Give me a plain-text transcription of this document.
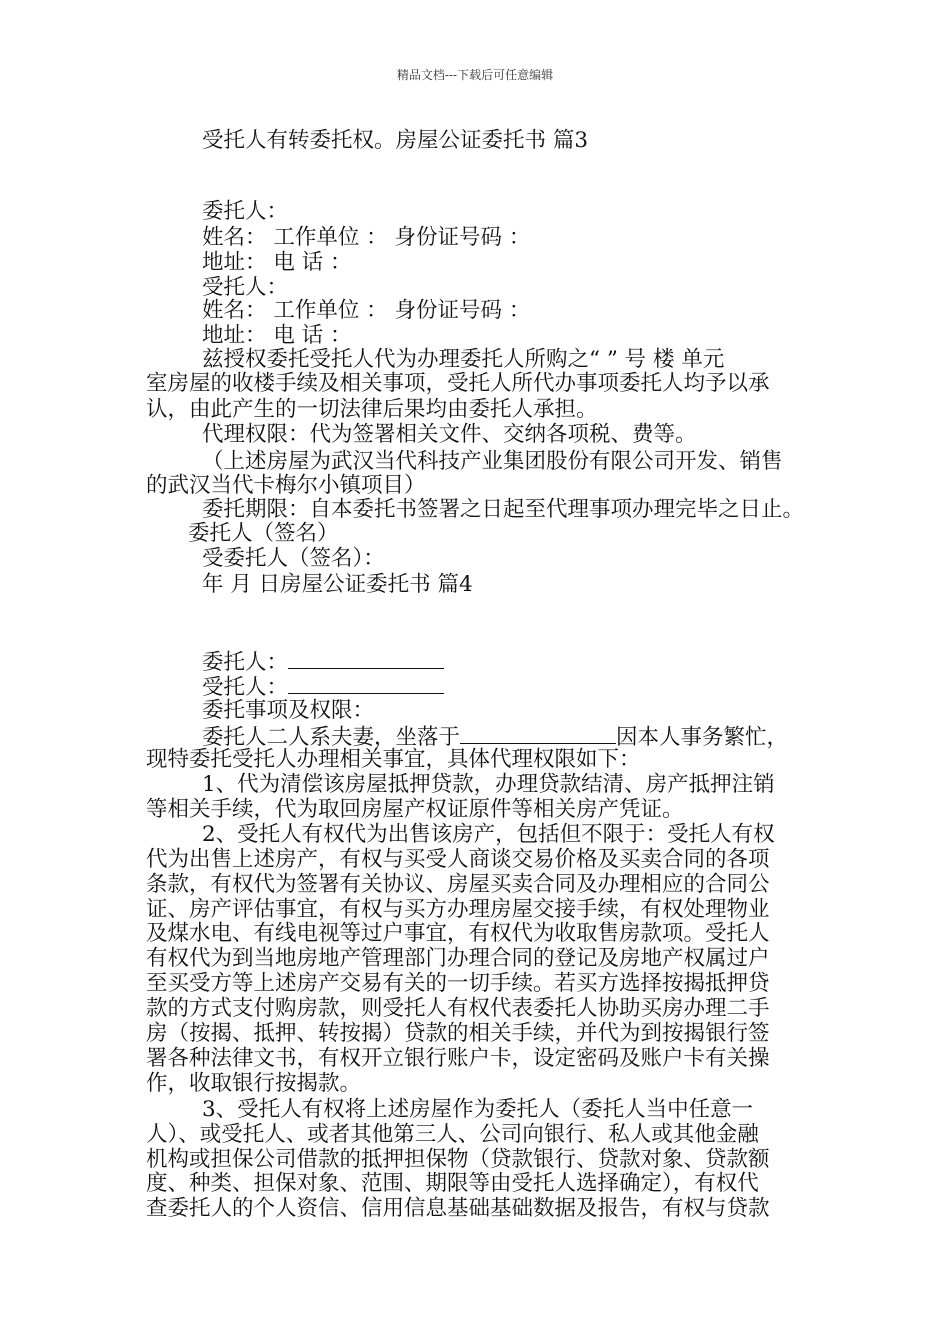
精品文档---下载后可任意编辑
受托人有转委托权。房屋公证委托书 篇3
委托人：
姓名： 工作单位 ： 身份证号码 ：
地址： 电 话 ：
受托人：
姓名： 工作单位 ： 身份证号码 ：
地址： 电 话 ：
兹授权委托受托人代为办理委托人所购之“ ” 号 楼 单元
室房屋的收楼手续及相关事项，受托人所代办事项委托人均予以承
认，由此产生的一切法律后果均由委托人承担。
代理权限：代为签署相关文件、交纳各项税、费等。
（上述房屋为武汉当代科技产业集团股份有限公司开发、销售
的武汉当代卡梅尔小镇项目）
委托期限：自本委托书签署之日起至代理事项办理完毕之日止。
委托人（签名）
受委托人（签名）：
年 月 日房屋公证委托书 篇4
委托人：
受托人：
委托事项及权限：
委托人二人系夫妻，坐落于	因本人事务繁忙，
现特委托受托人办理相关事宜，具体代理权限如下：
1、代为清偿该房屋抵押贷款，办理贷款结清、房产抵押注销
等相关手续，代为取回房屋产权证原件等相关房产凭证。
2、受托人有权代为出售该房产，包括但不限于：受托人有权
代为出售上述房产，有权与买受人商谈交易价格及买卖合同的各项
条款，有权代为签署有关协议、房屋买卖合同及办理相应的合同公
证、房产评估事宜，有权与买方办理房屋交接手续，有权处理物业
及煤水电、有线电视等过户事宜，有权代为收取售房款项。受托人
有权代为到当地房地产管理部门办理合同的登记及房地产权属过户
至买受方等上述房产交易有关的一切手续。若买方选择按揭抵押贷
款的方式支付购房款，则受托人有权代表委托人协助买房办理二手
房（按揭、抵押、转按揭）贷款的相关手续，并代为到按揭银行签
署各种法律文书，有权开立银行账户卡，设定密码及账户卡有关操
作，收取银行按揭款。
3、受托人有权将上述房屋作为委托人（委托人当中任意一
人）、或受托人、或者其他第三人、公司向银行、私人或其他金融
机构或担保公司借款的抵押担保物（贷款银行、贷款对象、贷款额
度、种类、担保对象、范围、期限等由受托人选择确定），有权代
查委托人的个人资信、信用信息基础基础数据及报告，有权与贷款
